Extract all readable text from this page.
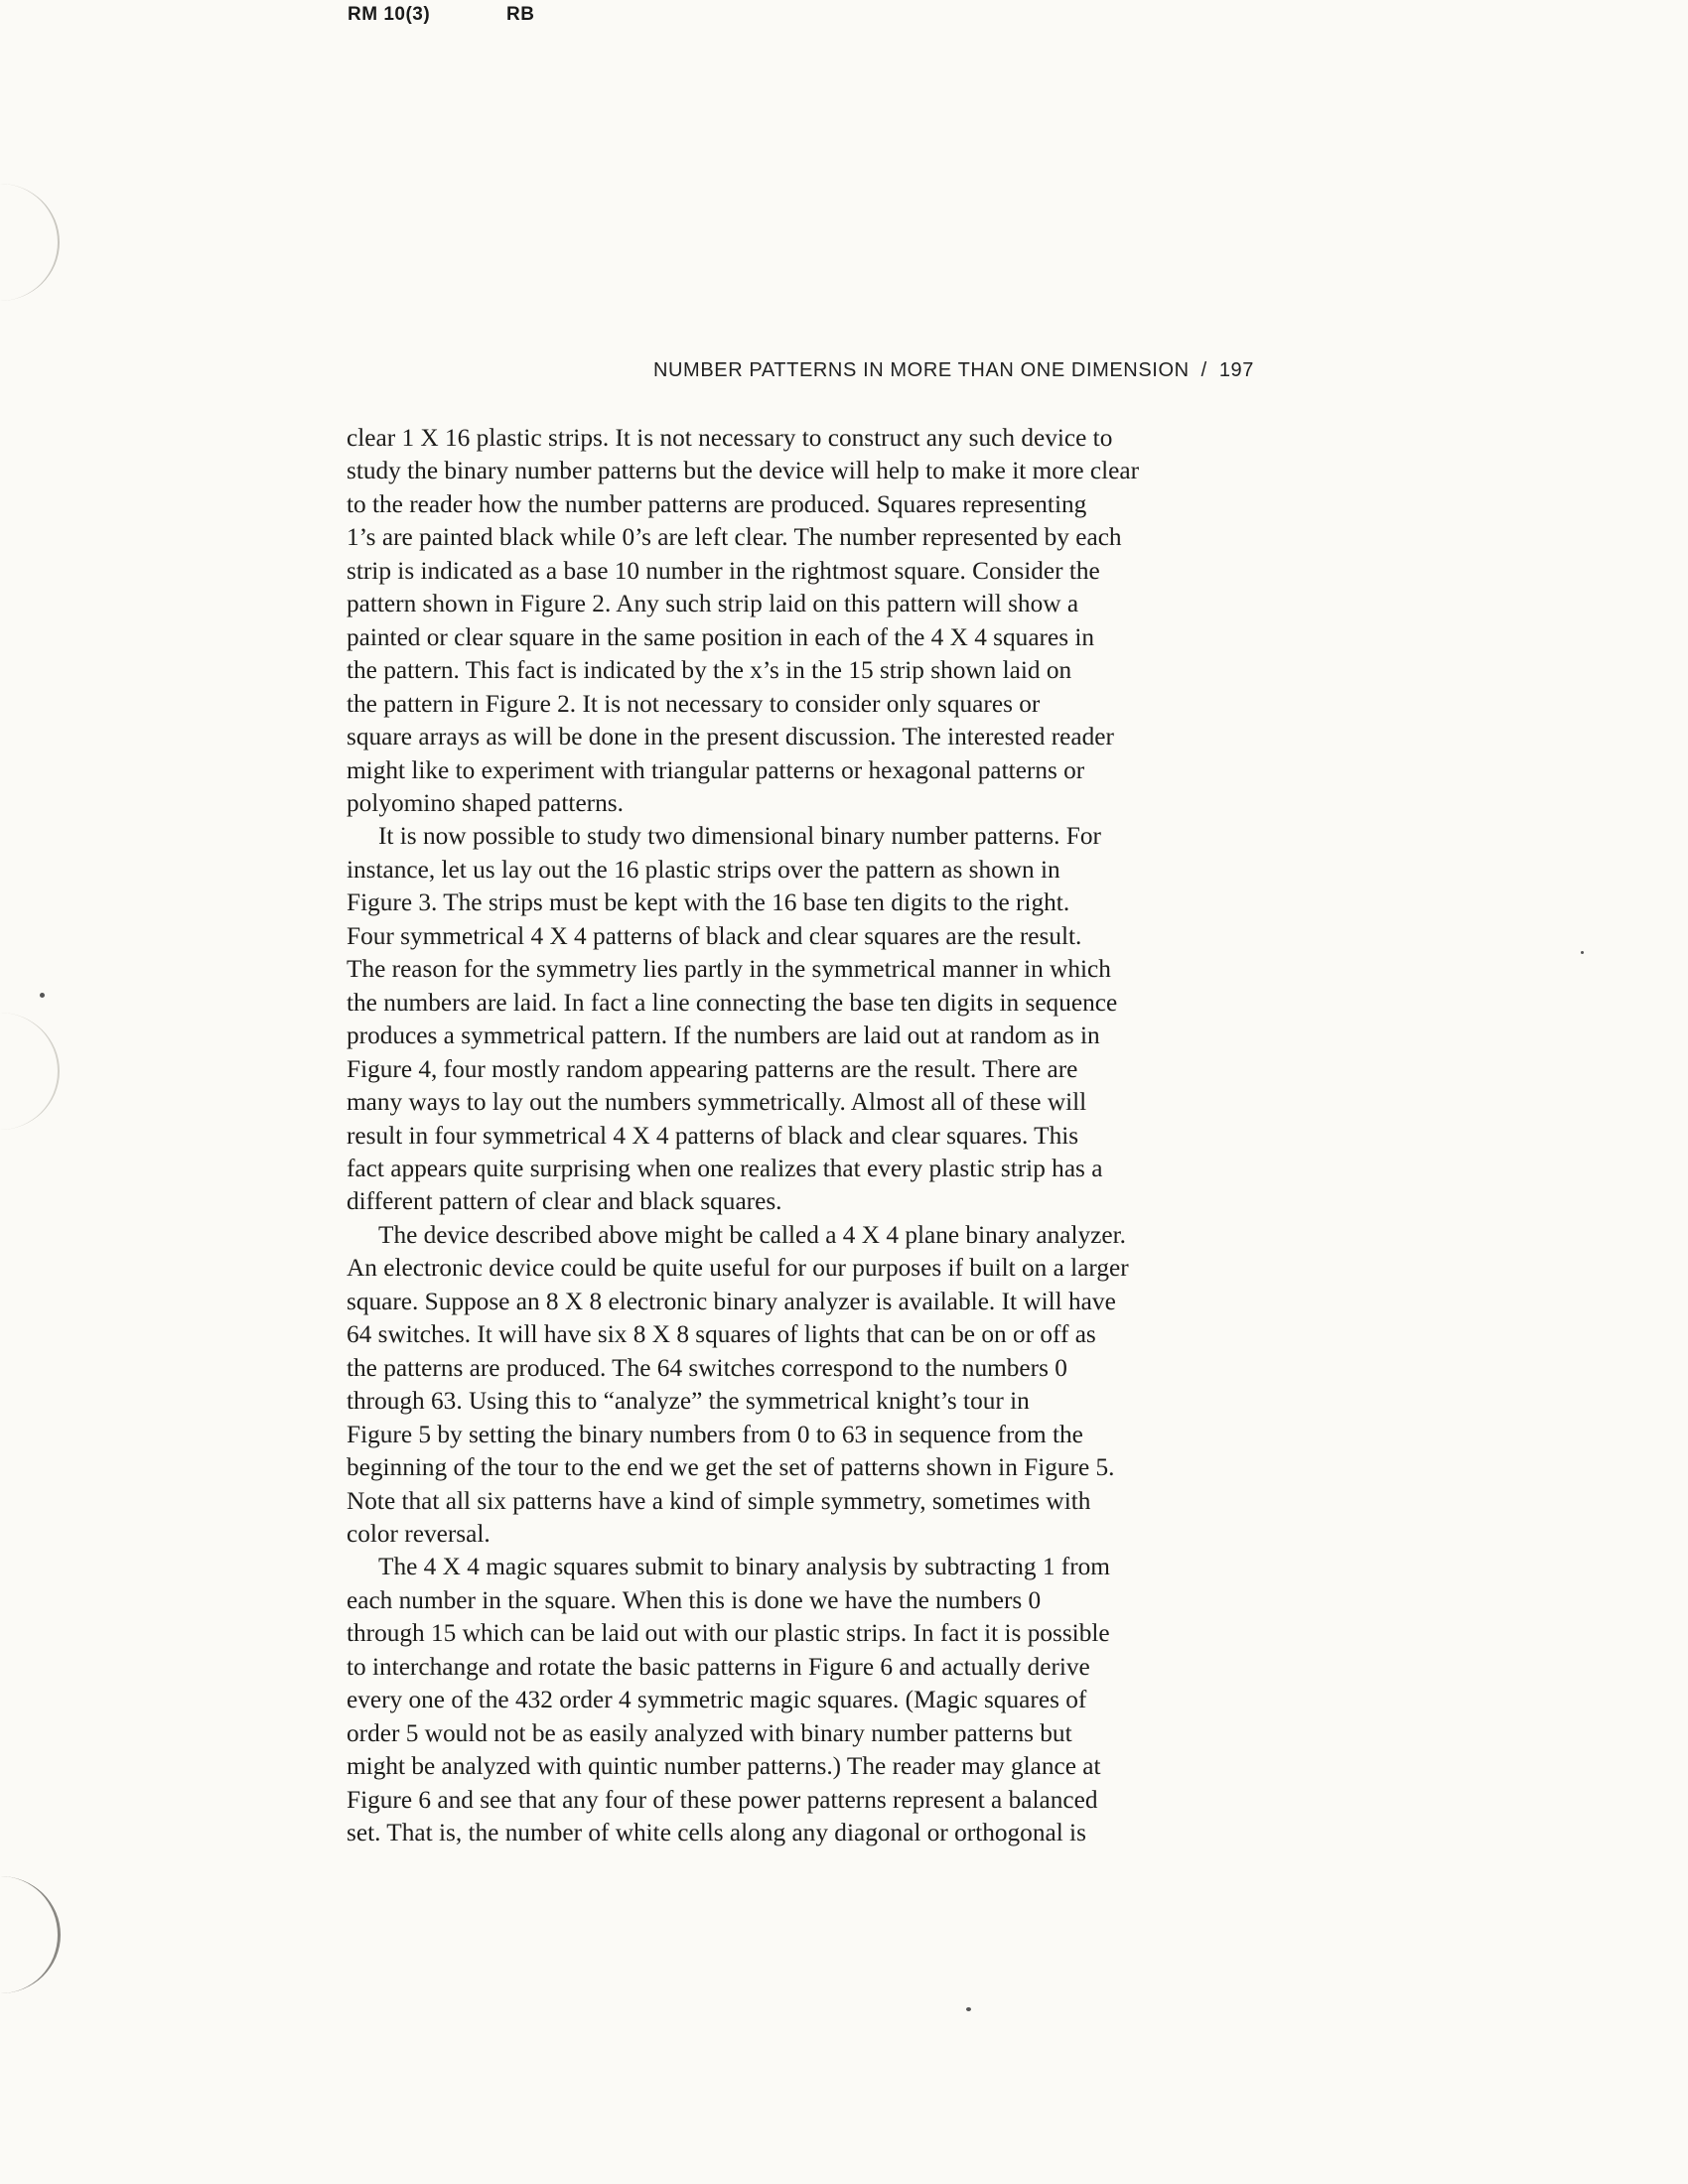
RM 10(3)	RB
NUMBER PATTERNS IN MORE THAN ONE DIMENSION / 197

clear 1 X 16 plastic strips. It is not necessary to construct any such device to
study the binary number patterns but the device will help to make it more clear
to the reader how the number patterns are produced. Squares representing
1’s are painted black while 0’s are left clear. The number represented by each
strip is indicated as a base 10 number in the rightmost square. Consider the
pattern shown in Figure 2. Any such strip laid on this pattern will show a
painted or clear square in the same position in each of the 4 X 4 squares in
the pattern. This fact is indicated by the x’s in the 15 strip shown laid on
the pattern in Figure 2. It is not necessary to consider only squares or
square arrays as will be done in the present discussion. The interested reader
might like to experiment with triangular patterns or hexagonal patterns or
polyomino shaped patterns.

It is now possible to study two dimensional binary number patterns. For
instance, let us lay out the 16 plastic strips over the pattern as shown in
Figure 3. The strips must be kept with the 16 base ten digits to the right.
Four symmetrical 4 X 4 patterns of black and clear squares are the result.
The reason for the symmetry lies partly in the symmetrical manner in which
the numbers are laid. In fact a line connecting the base ten digits in sequence
produces a symmetrical pattern. If the numbers are laid out at random as in
Figure 4, four mostly random appearing patterns are the result. There are
many ways to lay out the numbers symmetrically. Almost all of these will
result in four symmetrical 4 X 4 patterns of black and clear squares. This
fact appears quite surprising when one realizes that every plastic strip has a
different pattern of clear and black squares.

The device described above might be called a 4 X 4 plane binary analyzer.
An electronic device could be quite useful for our purposes if built on a larger
square. Suppose an 8 X 8 electronic binary analyzer is available. It will have
64 switches. It will have six 8 X 8 squares of lights that can be on or off as
the patterns are produced. The 64 switches correspond to the numbers 0
through 63. Using this to “analyze” the symmetrical knight’s tour in
Figure 5 by setting the binary numbers from 0 to 63 in sequence from the
beginning of the tour to the end we get the set of patterns shown in Figure 5.
Note that all six patterns have a kind of simple symmetry, sometimes with
color reversal.

The 4 X 4 magic squares submit to binary analysis by subtracting 1 from
each number in the square. When this is done we have the numbers 0
through 15 which can be laid out with our plastic strips. In fact it is possible
to interchange and rotate the basic patterns in Figure 6 and actually derive
every one of the 432 order 4 symmetric magic squares. (Magic squares of
order 5 would not be as easily analyzed with binary number patterns but
might be analyzed with quintic number patterns.) The reader may glance at
Figure 6 and see that any four of these power patterns represent a balanced
set. That is, the number of white cells along any diagonal or orthogonal is
